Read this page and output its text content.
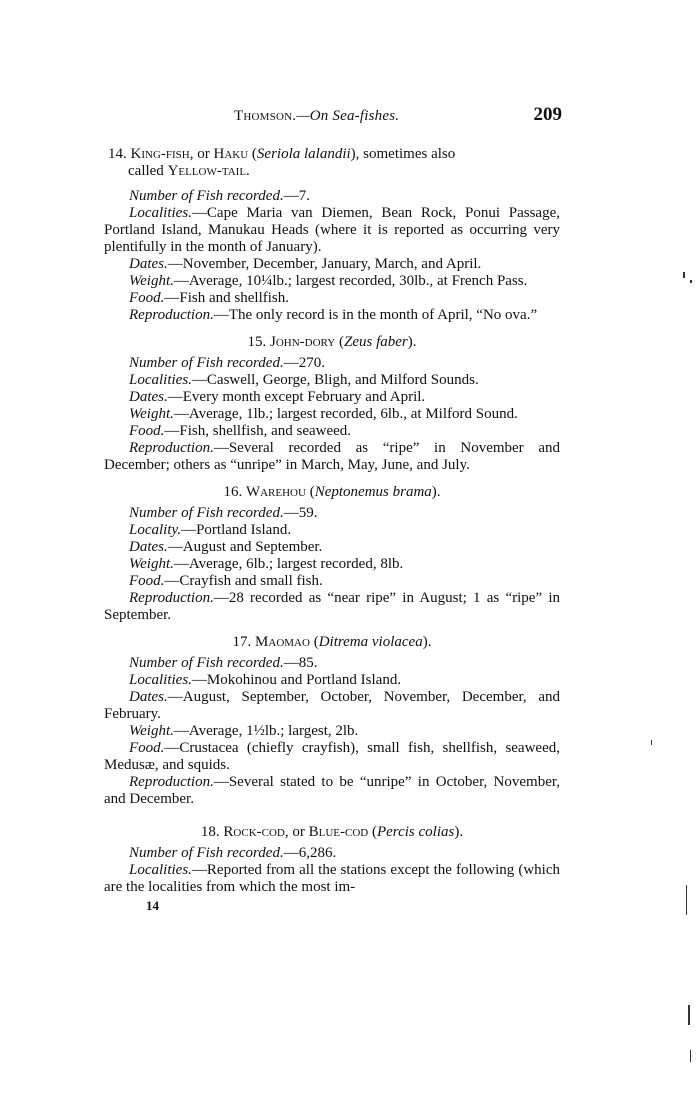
Thomson.—On Sea-fishes.	209

14. King-fish, or Haku (Seriola lalandii), sometimes also
called Yellow-tail.

Number of Fish recorded.—7.

Localities.—Cape Maria van Diemen, Bean Rock, Ponui Passage, Portland Island, Manukau Heads (where it is reported as occurring very plentifully in the month of January).

Dates.—November, December, January, March, and April.

Weight.—Average, 10¼lb.; largest recorded, 30lb., at French Pass.

Food.—Fish and shellfish.

Reproduction.—The only record is in the month of April, “No ova.”

15. John-dory (Zeus faber).

Number of Fish recorded.—270.

Localities.—Caswell, George, Bligh, and Milford Sounds.

Dates.—Every month except February and April.

Weight.—Average, 1lb.; largest recorded, 6lb., at Milford Sound.

Food.—Fish, shellfish, and seaweed.

Reproduction.—Several recorded as “ripe” in November and December; others as “unripe” in March, May, June, and July.

16. Warehou (Neptonemus brama).

Number of Fish recorded.—59.

Locality.—Portland Island.

Dates.—August and September.

Weight.—Average, 6lb.; largest recorded, 8lb.

Food.—Crayfish and small fish.

Reproduction.—28 recorded as “near ripe” in August; 1 as “ripe” in September.

17. Maomao (Ditrema violacea).

Number of Fish recorded.—85.

Localities.—Mokohinou and Portland Island.

Dates.—August, September, October, November, December, and February.

Weight.—Average, 1½lb.; largest, 2lb.

Food.—Crustacea (chiefly crayfish), small fish, shellfish, seaweed, Medusæ, and squids.

Reproduction.—Several stated to be “unripe” in October, November, and December.

18. Rock-cod, or Blue-cod (Percis colias).

Number of Fish recorded.—6,286.

Localities.—Reported from all the stations except the following (which are the localities from which the most im-

14
